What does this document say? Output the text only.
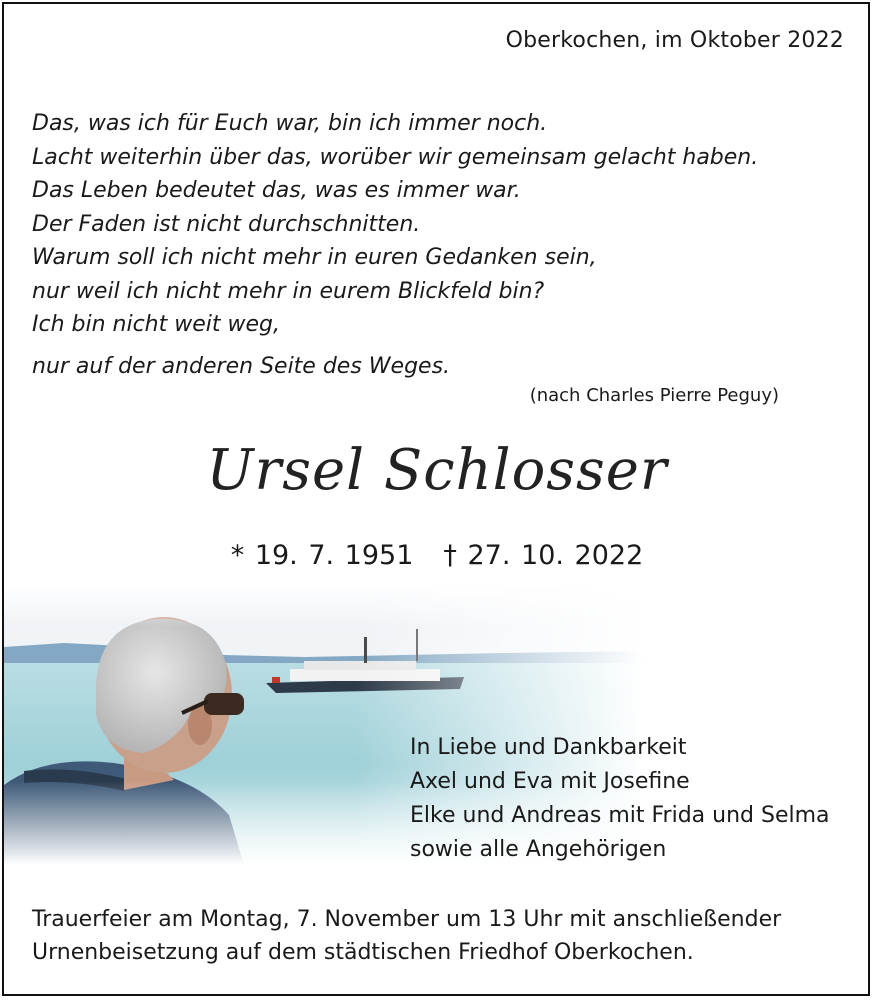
Oberkochen, im Oktober 2022
Das, was ich für Euch war, bin ich immer noch.
Lacht weiterhin über das, worüber wir gemeinsam gelacht haben.
Das Leben bedeutet das, was es immer war.
Der Faden ist nicht durchschnitten.
Warum soll ich nicht mehr in euren Gedanken sein,
nur weil ich nicht mehr in eurem Blickfeld bin?
Ich bin nicht weit weg,
nur auf der anderen Seite des Weges.
(nach Charles Pierre Peguy)
Ursel Schlosser
* 19. 7. 1951 † 27. 10. 2022
In Liebe und Dankbarkeit
Axel und Eva mit Josefine
Elke und Andreas mit Frida und Selma
sowie alle Angehörigen
Trauerfeier am Montag, 7. November um 13 Uhr mit anschließender
Urnenbeisetzung auf dem städtischen Friedhof Oberkochen.
